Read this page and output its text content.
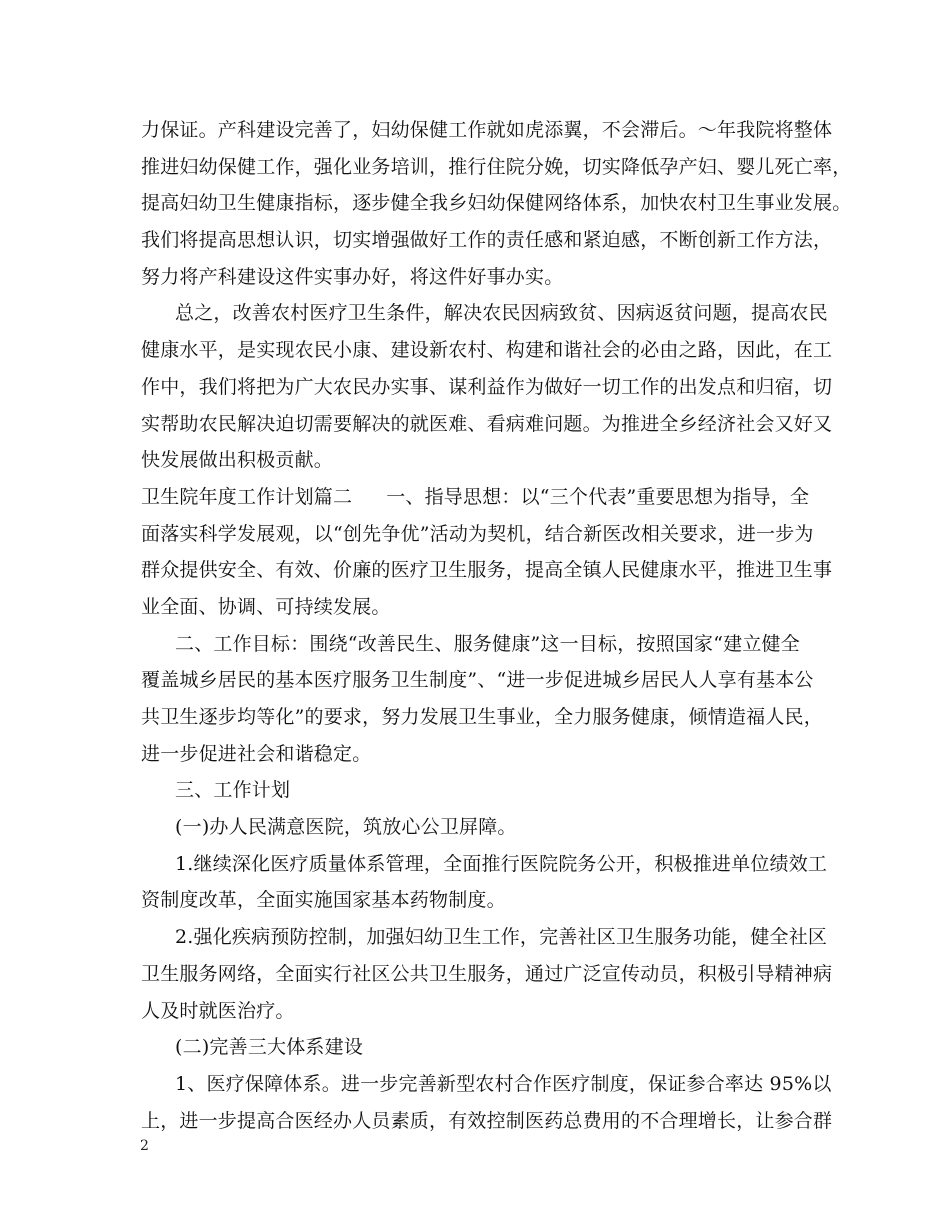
力保证。产科建设完善了，妇幼保健工作就如虎添翼，不会滞后。～年我院将整体
推进妇幼保健工作，强化业务培训，推行住院分娩，切实降低孕产妇、婴儿死亡率，
提高妇幼卫生健康指标，逐步健全我乡妇幼保健网络体系，加快农村卫生事业发展。
我们将提高思想认识，切实增强做好工作的责任感和紧迫感，不断创新工作方法，
努力将产科建设这件实事办好，将这件好事办实。
总之，改善农村医疗卫生条件，解决农民因病致贫、因病返贫问题，提高农民
健康水平，是实现农民小康、建设新农村、构建和谐社会的必由之路，因此，在工
作中，我们将把为广大农民办实事、谋利益作为做好一切工作的出发点和归宿，切
实帮助农民解决迫切需要解决的就医难、看病难问题。为推进全乡经济社会又好又
快发展做出积极贡献。
卫生院年度工作计划篇二 一、指导思想：以“三个代表”重要思想为指导，全
面落实科学发展观，以“创先争优”活动为契机，结合新医改相关要求，进一步为
群众提供安全、有效、价廉的医疗卫生服务，提高全镇人民健康水平，推进卫生事
业全面、协调、可持续发展。
二、工作目标：围绕“改善民生、服务健康”这一目标，按照国家“建立健全
覆盖城乡居民的基本医疗服务卫生制度”、“进一步促进城乡居民人人享有基本公
共卫生逐步均等化”的要求，努力发展卫生事业，全力服务健康，倾情造福人民，
进一步促进社会和谐稳定。
三、工作计划
(一)办人民满意医院，筑放心公卫屏障。
1.继续深化医疗质量体系管理，全面推行医院院务公开，积极推进单位绩效工
资制度改革，全面实施国家基本药物制度。
2.强化疾病预防控制，加强妇幼卫生工作，完善社区卫生服务功能，健全社区
卫生服务网络，全面实行社区公共卫生服务，通过广泛宣传动员，积极引导精神病
人及时就医治疗。
(二)完善三大体系建设
1、医疗保障体系。进一步完善新型农村合作医疗制度，保证参合率达 95%以
上，进一步提高合医经办人员素质，有效控制医药总费用的不合理增长，让参合群
2
